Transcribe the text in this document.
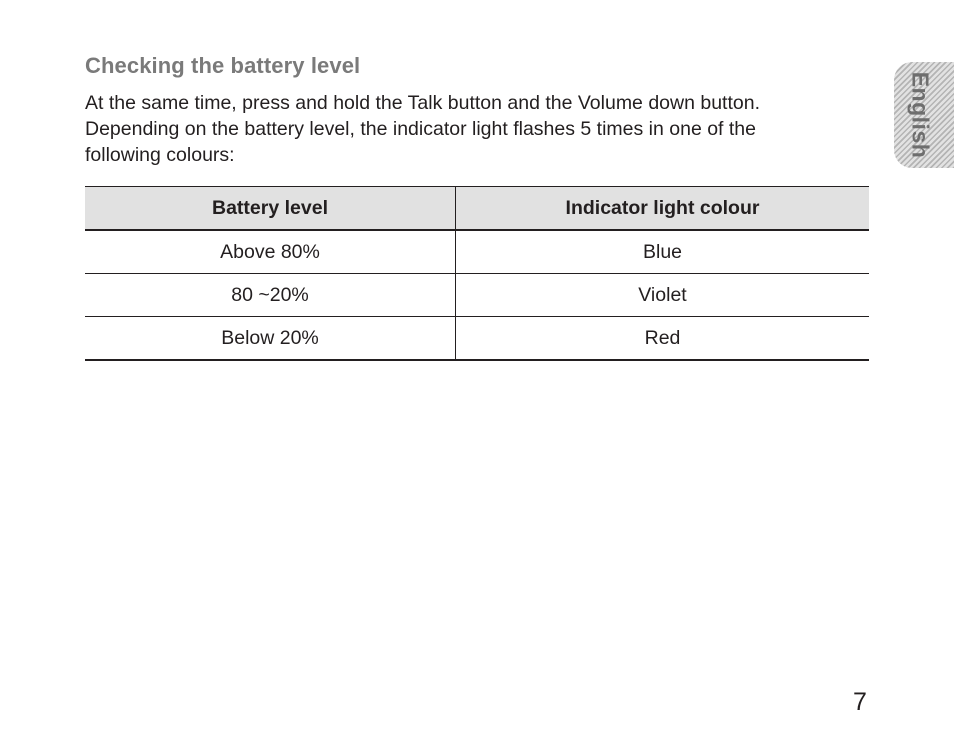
Checking the battery level

At the same time, press and hold the Talk button and the Volume down button.

Depending on the battery level, the indicator light flashes 5 times in one of the

following colours:

Battery level	Indicator light colour
Above 80%	Blue
80 ~20%	Violet
Below 20%	Red
English
7
